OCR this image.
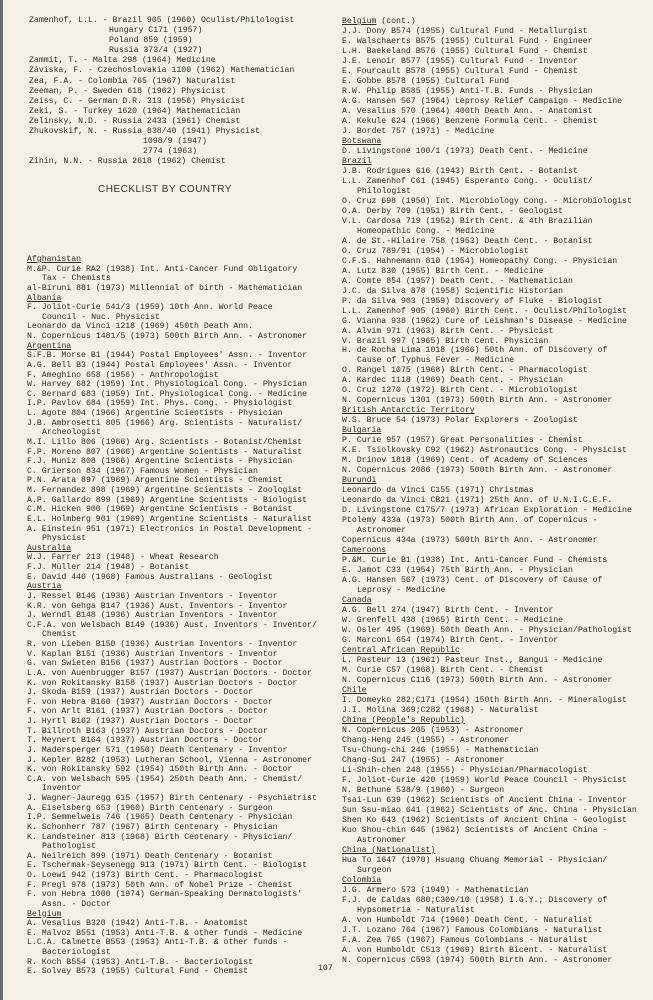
Zamenhof, L.L. - Brazil 905 (1960) Oculist/Philologist
Hungary C171 (1957)
Poland 859 (1959)
Russia 373/4 (1927)
Zammit, T. - Malta 298 (1964) Medicine
Záviska, F. - Czechoslovakia 1100 (1962) Mathematician
Zea, F.A. - Colombia 765 (1967) Naturalist
Zeeman, P. - Sweden 618 (1962) Physicist
Zeiss, C. - German D.R. 313 (1956) Physicist
Zeki, S. - Turkey 1620 (1964) Mathematician
Zelinsky, N.D. - Russia 2433 (1961) Chemist
Zhukovskif, N. - Russia 838/40 (1941) Physicist
1098/9 (1947)
2774 (1963)
Zinin, N.N. - Russia 2618 (1962) Chemist
CHECKLIST BY COUNTRY
Afghanistan
M.&P. Curie RA2 (1938) Int. Anti-Cancer Fund Obligatory
Tax - Chemists
al-Biruni 881 (1973) Millennial of birth - Mathematician
Albania
F. Joliot-Curie 541/3 (1959) 10th Ann. World Peace
Council - Nuc. Physicist
Leonardo da Vinci 1218 (1969) 450th Death Ann.
N. Copernicus 1481/5 (1973) 500th Birth Ann. - Astronomer
Argentina
S.F.B. Morse B1 (1944) Postal Employees' Assn. - Inventor
A.G. Bell B3 (1944) Postal Employees' Assn. - Inventor
F. Ameghino 658 (1956) - Anthropologist
W. Harvey 682 (1959) Int. Physiological Cong. - Physician
C. Bernard 683 (1959) Int. Physiological Cong. - Medicine
I.P. Pavlov 684 (1959) Int. Phys. Cong. - Physiologist
L. Agote 804 (1966) Argentine Scientists - Physician
J.B. Ambrosetti 805 (1966) Arg. Scientists - Naturalist/
Archeologist
M.I. Lillo 806 (1966) Arg. Scientists - Botanist/Chemist
F.P. Moreno 807 (1966) Argentine Scientists - Naturalist
F.J. Muniz 808 (1966) Argentine Scientists - Physician
C. Grierson 834 (1967) Famous Women - Physician
P.N. Arata 897 (1969) Argentine Scientists - Chemist
M. Fernandez 898 (1969) Argentine Scientists - Zoologist
A.P. Gallardo 899 (1969) Argentine Scientists - Biologist
C.M. Hicken 900 (1969) Argentine Scientists - Botanist
E.L. Holmberg 901 (1969) Argentine Scientists - Naturalist
A. Einstein 951 (1971) Electronics in Postal Development -
Physicist
Australia
W.J. Farrer 213 (1948) - Wheat Research
F.J. Müller 214 (1948) - Botanist
E. David 446 (1968) Famous Australians - Geologist
Austria
J. Ressel B146 (1936) Austrian Inventors - Inventor
K.R. von Gehga B147 (1936) Aust. Inventors - Inventor
J. Werndl B148 (1936) Austrian Inventors - Inventor
C.F.A. von Welsbach B149 (1936) Aust. Inventors - Inventor/
Chemist
R. von Lieben B150 (1936) Austrian Inventors - Inventor
V. Kaplan B151 (1936) Austrian Inventors - Inventor
G. van Swieten B156 (1937) Austrian Doctors - Doctor
L.A. von Auenbrugger B157 (1937) Austrian Doctors - Doctor
K. von Rokitansky B158 (1937) Austrian Doctors - Doctor
J. Skoda B159 (1937) Austrian Doctors - Doctor
F. von Hebra B160 (1937) Austrian Doctors - Doctor
F. von Arlt B161 (1937) Austrian Doctors - Doctor
J. Hyrtl B162 (1937) Austrian Doctors - Doctor
T. Billroth B163 (1937) Austrian Doctors - Doctor
T. Meynert B164 (1937) Austrian Doctors - Doctor
J. Madersperger 571 (1950) Death Centenary - Inventor
J. Kepler B282 (1953) Lutheran School, Vienna - Astronomer
K. von Rokitansky 592 (1954) 150th Birth Ann. - Doctor
C.A. von Welsbach 595 (1954) 250th Death Ann. - Chemist/
Inventor
J. Wagner-Jauregg 615 (1957) Birth Centenary - Psychiatrist
A. Eiselsberg 653 (1960) Birth Centenary - Surgeon
I.P. Semmelweis 746 (1965) Death Centenary - Physician
K. Schonherr 787 (1967) Birth Centenary - Physician
K. Landsteiner 813 (1968) Birth Centenary - Physician/
Pathologist
A. Neilreich 899 (1971) Death Centenary - Botanist
E. Tschermak-Seysenegg 913 (1971) Birth Cent. - Biologist
O. Loewi 942 (1973) Birth Cent. - Pharmacologist
F. Pregl 978 (1973) 50th Ann. of Nobel Prize - Chemist
F. von Hebra 1000 (1974) German-Speaking Dermatologists'
Assn. - Doctor
Belgium
A. Vesalius B320 (1942) Anti-T.B. - Anatomist
E. Malvoz B551 (1953) Anti-T.B. & other funds - Medicine
L.C.A. Calmette B553 (1953) Anti-T.B. & other funds -
Bacteriologist
R. Koch B554 (1953) Anti-T.B. - Bacteriologist
E. Solvay B573 (1955) Cultural Fund - Chemist
Belgium (cont.)
J.J. Dony B574 (1955) Cultural Fund - Metallurgist
E. Walschaerts B575 (1955) Cultural Fund - Engineer
L.H. Baekeland B576 (1955) Cultural Fund - Chemist
J.E. Lenoir B577 (1955) Cultural Fund - Inventor
E. Fourcault B578 (1955) Cultural Fund - Chemist
E. Gobbe B578 (1955) Cultural Fund
R.W. Philip B585 (1955) Anti-T.B. Funds - Physician
A.G. Hansen 567 (1964) Leprosy Relief Campaign - Medicine
A. Vesalius 570 (1964) 400th Death Ann. - Anatomist
A. Kekule 624 (1966) Benzene Formula Cent. - Chemist
J. Bordet 757 (1971) - Medicine
Botswana
D. Livingstone 100/1 (1973) Death Cent. - Medicine
Brazil
J.B. Rodrigues 616 (1943) Birth Cent. - Botanist
L.L. Zamenhof C61 (1945) Esperanto Cong. - Oculist/
Philologist
O. Cruz 698 (1950) Int. Microbiology Cong. - Microbiologist
O.A. Derby 709 (1951) Birth Cent. - Geologist
V.L. Cardosa 719 (1952) Birth Cent. & 4th Brazilian
Homeopathic Cong. - Medicine
A. de St.-Hilaire 758 (1953) Death Cent. - Botanist
O. Cruz 789/91 (1954) - Microbiologist
C.F.S. Hahnemann 810 (1954) Homeopathy Cong. - Physician
A. Lutz 830 (1955) Birth Cent. - Medicine
A. Comte 854 (1957) Death Cent. - Mathematician
J.C. da Silva 878 (1958) Scientific Historian
P. da Silva 903 (1959) Discovery of Fluke - Biologist
L.L. Zamenhof 905 (1960) Birth Cent. - Oculist/Philologist
G. Vianna 938 (1962) Cure of Leishman's Disease - Medicine
A. Alvim 971 (1963) Birth Cent. - Physicist
V. Brazil 997 (1965) Birth Cent. Physician
H. de Rocha Lima 1018 (1966) 50th Ann. of Discovery of
Cause of Typhus Fever - Medicine
O. Rangel 1075 (1968) Birth Cent. - Pharmacologist
A. Kardec 1118 (1969) Death Cent. - Physician
O. Cruz 1270 (1972) Birth Cent. - Microbiologist
N. Copernicus 1301 (1973) 500th Birth Ann. - Astronomer
British Antarctic Territory
W.S. Bruce 54 (1973) Polar Explorers - Zoologist
Bulgaria
P. Curie 957 (1957) Great Personalities - Chemist
K.E. Tsiolkovsky C92 (1962) Astronautics Cong. - Physicist
M. Drinov 1818 (1969) Cent. of Academy of Sciences
N. Copernicus 2086 (1973) 500th Birth Ann. - Astronomer
Burundi
Leonardo da Vinci C155 (1971) Christmas
Leonardo da Vinci CB21 (1971) 25th Ann. of U.N.I.C.E.F.
D. Livingstone C175/7 (1973) African Exploration - Medicine
Ptolemy 433a (1973) 500th Birth Ann. of Copernicus -
Astronomer
Copernicus 434a (1973) 500th Birth Ann. - Astronomer
Cameroons
P.&M. Curie B1 (1938) Int. Anti-Cancer Fund - Chemists
E. Jamot C33 (1954) 75th Birth Ann. - Physician
A.G. Hansen 567 (1973) Cent. of Discovery of Cause of
Leprosy - Medicine
Canada
A.G. Bell 274 (1947) Birth Cent. - Inventor
W. Grenfell 438 (1965) Birth Cent. - Medicine
W. Osler 495 (1969) 50th Death Ann. - Physician/Pathologist
G. Marconi 654 (1974) Birth Cent. - Inventor
Central African Republic
L. Pasteur 13 (1961) Pasteur Inst., Bangui - Medicine
M. Curie C57 (1968) Birth Cent. - Chemist
N. Copernicus C116 (1973) 500th Birth Ann. - Astronomer
Chile
I. Domeyko 282;C171 (1954) 150th Birth Ann. - Mineralogist
J.I. Molina 369;C282 (1968) - Naturalist
China (People's Republic)
N. Copernicus 205 (1953) - Astronomer
Chang-Heng 245 (1955) - Astronomer
Tsu-Chung-chi 246 (1955) - Mathematician
Chang-Sui 247 (1955) - Astronomer
Li-Shih-chen 248 (1955) - Physician/Pharmacologist
F. Joliot-Curie 420 (1959) World Peace Council - Physicist
N. Bethune 538/9 (1960) - Surgeon
Tsai-Lun 639 (1962) Scientists of Ancient China - Inventor
Sun Ssu-miao 641 (1962) Scientists of Anc. China - Physician
Shen Ko 643 (1962) Scientists of Ancient China - Geologist
Kuo Shou-chin 645 (1962) Scientists of Ancient China -
Astronomer
China (Nationalist)
Hua To 1647 (1970) Hsuang Chuang Memorial - Physician/
Surgeon
Colombia
J.G. Armero 573 (1949) - Mathematician
F.J. de Caldas 680;C309/10 (1958) I.G.Y.; Discovery of
Hypsometria - Naturalist
A. von Humboldt 714 (1960) Death Cent. - Naturalist
J.T. Lozano 764 (1967) Famous Colombians - Naturalist
F.A. Zea 765 (1967) Famous Colombians - Naturalist
A. von Humboldt C513 (1969) Birth Bicent. - Naturalist
N. Copernicus C593 (1974) 500th Birth Ann. - Astronomer
107
